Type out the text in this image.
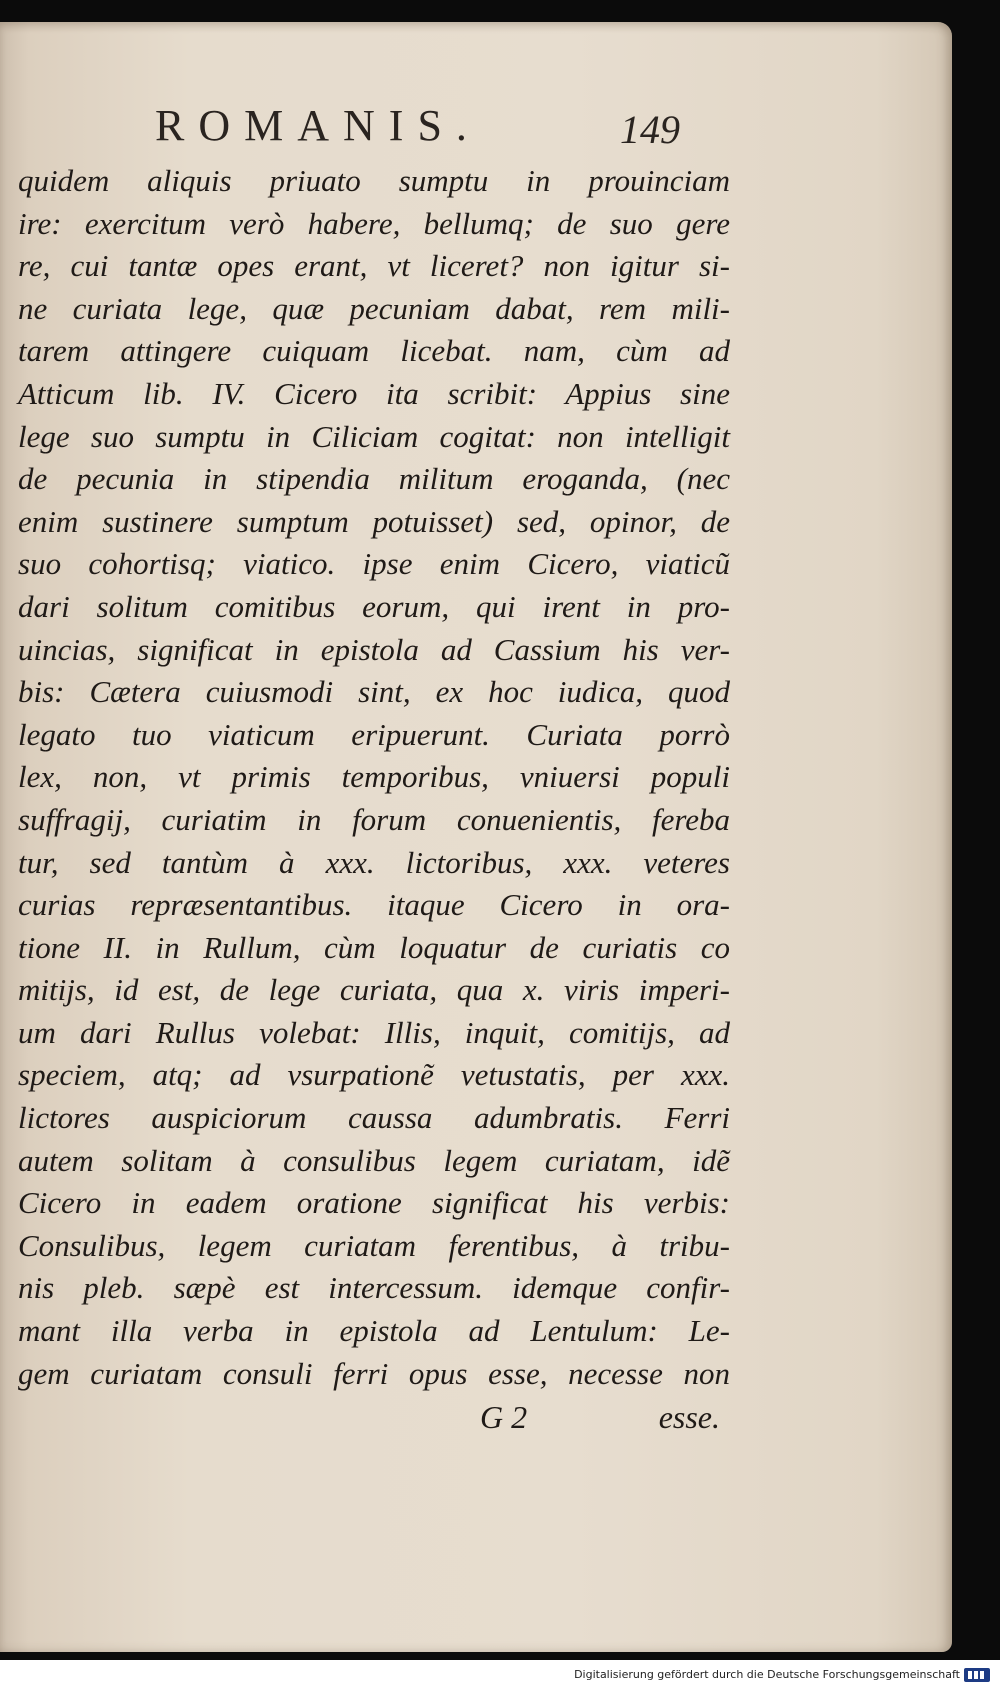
ROMANIS.	149
quidem aliquis priuato sumptu in prouinciam
ire: exercitum verò habere, bellumq; de suo gere
re, cui tantæ opes erant, vt liceret? non igitur si-
ne curiata lege, quæ pecuniam dabat, rem mili-
tarem attingere cuiquam licebat. nam, cùm ad
Atticum lib. IV. Cicero ita scribit: Appius sine
lege suo sumptu in Ciliciam cogitat: non intelligit
de pecunia in stipendia militum eroganda, (nec
enim sustinere sumptum potuisset) sed, opinor, de
suo cohortisq; viatico. ipse enim Cicero, viaticũ
dari solitum comitibus eorum, qui irent in pro-
uincias, significat in epistola ad Cassium his ver-
bis: Cætera cuiusmodi sint, ex hoc iudica, quod
legato tuo viaticum eripuerunt. Curiata porrò
lex, non, vt primis temporibus, vniuersi populi
suffragij, curiatim in forum conuenientis, fereba
tur, sed tantùm à xxx. lictoribus, xxx. veteres
curias repræsentantibus. itaque Cicero in ora-
tione II. in Rullum, cùm loquatur de curiatis co
mitijs, id est, de lege curiata, qua x. viris imperi-
um dari Rullus volebat: Illis, inquit, comitijs, ad
speciem, atq; ad vsurpationẽ vetustatis, per xxx.
lictores auspiciorum caussa adumbratis. Ferri
autem solitam à consulibus legem curiatam, idẽ
Cicero in eadem oratione significat his verbis:
Consulibus, legem curiatam ferentibus, à tribu-
nis pleb. sæpè est intercessum. idemque confir-
mant illa verba in epistola ad Lentulum: Le-
gem curiatam consuli ferri opus esse, necesse non
G 2	esse.
Digitalisierung gefördert durch die Deutsche Forschungsgemeinschaft
